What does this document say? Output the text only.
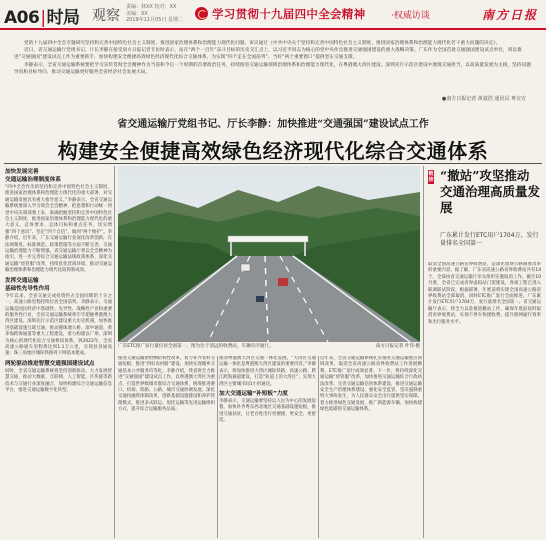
A06|时局 观察
责编：林XX 校对：XX
美编：XX
2019年11月05日 星期二	学习贯彻十九届四中全会精神	·权威访谈	南方日报

党的十九届四中全会专题研究坚持和完善中国特色社会主义制度、推进国家治理体系和治理能力现代化问题，审议通过《中共中央关于坚持和完善中国特色社会主义制度、推进国家治理体系和治理能力现代化若干重大问题的决定》。

近日，省交通运输厅党组书记、厅长李静在接受南方日报记者专访时表示，站在“两个一百年”奋斗目标的历史交汇点上，以习近平同志为核心的党中央作出推进交通强国建设的重大战略决策。广东作为全国首批交通强国建设试点单位，将以推进“交通强国”建设试点工作为重要抓手，加快构建安全便捷高效绿色经济现代化综合交通体系，为实现“四个走在全国前列”、当好“两个重要窗口”提供坚实交通支撑。

李静表示，全省交通运输系统要把学习宣传贯彻全会精神作为当前和今后一个时期的首要政治任务，持续推进交通运输领域治理体系和治理能力现代化，在粤港澳大湾区建设、深圳先行示范区建设中展现交通担当，以高质量发展为主线，坚持问题导向和目标导向，推动交通运输更好服务全省经济社会发展大局。

●南方日报记者 黄叙浩 通讯员 粤交宣
省交通运输厅党组书记、厅长李静：加快推进“交通强国”建设试点工作
构建安全便捷高效绿色经济现代化综合交通体系
加快发展完善
交通运输治理制度体系
“四中全会作出的坚持和完善中国特色社会主义制度、推进国家治理体系和治理能力现代化的重大部署，对交通运输发展具有重大指导意义。”李静表示，全省交通运输系统要深入学习领会全会精神，把思想和行动统一到党中央决策部署上来，准确把握坚持和完善中国特色社会主义制度、推进国家治理体系和治理能力现代化的重大意义、总体要求、总体目标和重点任务，切实增强“四个意识”、坚定“四个自信”、做到“两个维护”。李静介绍，近年来，广东交通运输行业深化改革创新，在法规制度、标准规范、政策措施等方面不断完善，交通运输治理能力不断增强。省交通运输厅将以全会精神为指引，进一步完善综合交通运输法规政策体系，深化交通运输“放管服”改革，持续优化营商环境，推动交通运输治理体系和治理能力现代化取得新成效。
发挥交通运输
基础性先导性作用
今年以来，全省交通完成投资约占全国同期的十分之一，高速公路里程持续位居全国前列。李静表示，交通运输是国民经济中基础性、先导性、战略性产业和重要的服务性行业，全省交通运输系统将牢牢把握粤港澳大湾区建设、深圳先行示范区建设重大历史机遇，加快推进基础设施互联互通，推动港珠澳大桥、深中通道、黄茅海跨海通道等重大工程建设，着力构建以广州、深圳为核心的现代化综合交通枢纽体系。到2022年，全省高速公路通车里程将达到1.1万公里，实现县县通高速；珠三角地区城际铁路骨干网基本建成。
两轮驱动推进智慧交通强国建设试点
同时，全省交通运输系统将坚持创新驱动，大力发展智慧交通，推动大数据、互联网、人工智能、区块链等新技术与交通行业深度融合，加快构建综合交通运输信息平台，推进交通运输数字化转型。
广东ETC推广发行量位居全国第一，图为位于清远的收费站，车辆有序通行。	南方日报记者 叶伟·摄
推进交通运输供给侧结构性改革，着力补齐农村交通短板，推进“四好农村路”建设，加快实现城乡交通基本公共服务均等化。李静介绍，我省将全力推进“交通强国”建设试点工作，以粤港澳大湾区为重点，打造世界级城市群综合交通体系，统筹推进港口、机场、铁路、公路、城市交通协调发展。深化交通投融资体制改革，创新基础设施建设和养护管理模式，推进多式联运、甩挂运输等先进运输组织方式，提升综合运输服务品质。
推动粤港澳大湾区交通一体化发展。“大湾区交通运输一体化是粤港澳大湾区建设的重要内容。”李静表示，将加快推进大湾区城际铁路、高速公路、跨江跨海通道建设，打造“轨道上的大湾区”，实现大湾区主要城市间1小时通达。
加大交通运输“补短板”力度
李静表示，交通运输要坚持以人民为中心的发展思想，加快补齐粤东西北地区交通基础设施短板，推进交通扶贫，让老百姓出行更便捷、更安全、更舒适。
近年来，全省交通运输系统扎实推进交通运输重点领域改革，取消全省高速公路省界收费站工作进展顺利，ETC推广发行成效显著。下一步，将持续深化交通运输“放管服”改革，加快推进交通运输综合行政执法改革，完善交通运输信用体系建设，推进交通运输安全生产治理体系建设，强化安全监管，坚决遏制重特大事故发生，为人民群众安全出行提供坚实保障。着力推进绿色交通发展，推广新能源车辆，加快构建绿色低碳的交通运输体系。
链接 “撤站”攻坚推动交通治理高质量发展
广东累计发行ETC用户1704万，发行量排名全国第一
取消全国高速公路省界收费站，是深化收费公路制度改革的重要内容。据了解，广东省高速公路省界收费站共有14个，全部由省交通运输厅牵头组织实施取消工作。截至10月底，全省已完成省界虚拟站门架建设，各项工程已进入联调联试阶段。根据部署，年底前将实现全国高速公路省界收费站全部取消，同时ETC推广发行全面推进。广东累计发行ETC用户1704万，发行量排名全国第一。省交通运输厅表示，将全力以赴推进撤站工作，确保年底前按时取消省界收费站，实现不停车快捷收费，提升路网通行效率和出行服务水平。
